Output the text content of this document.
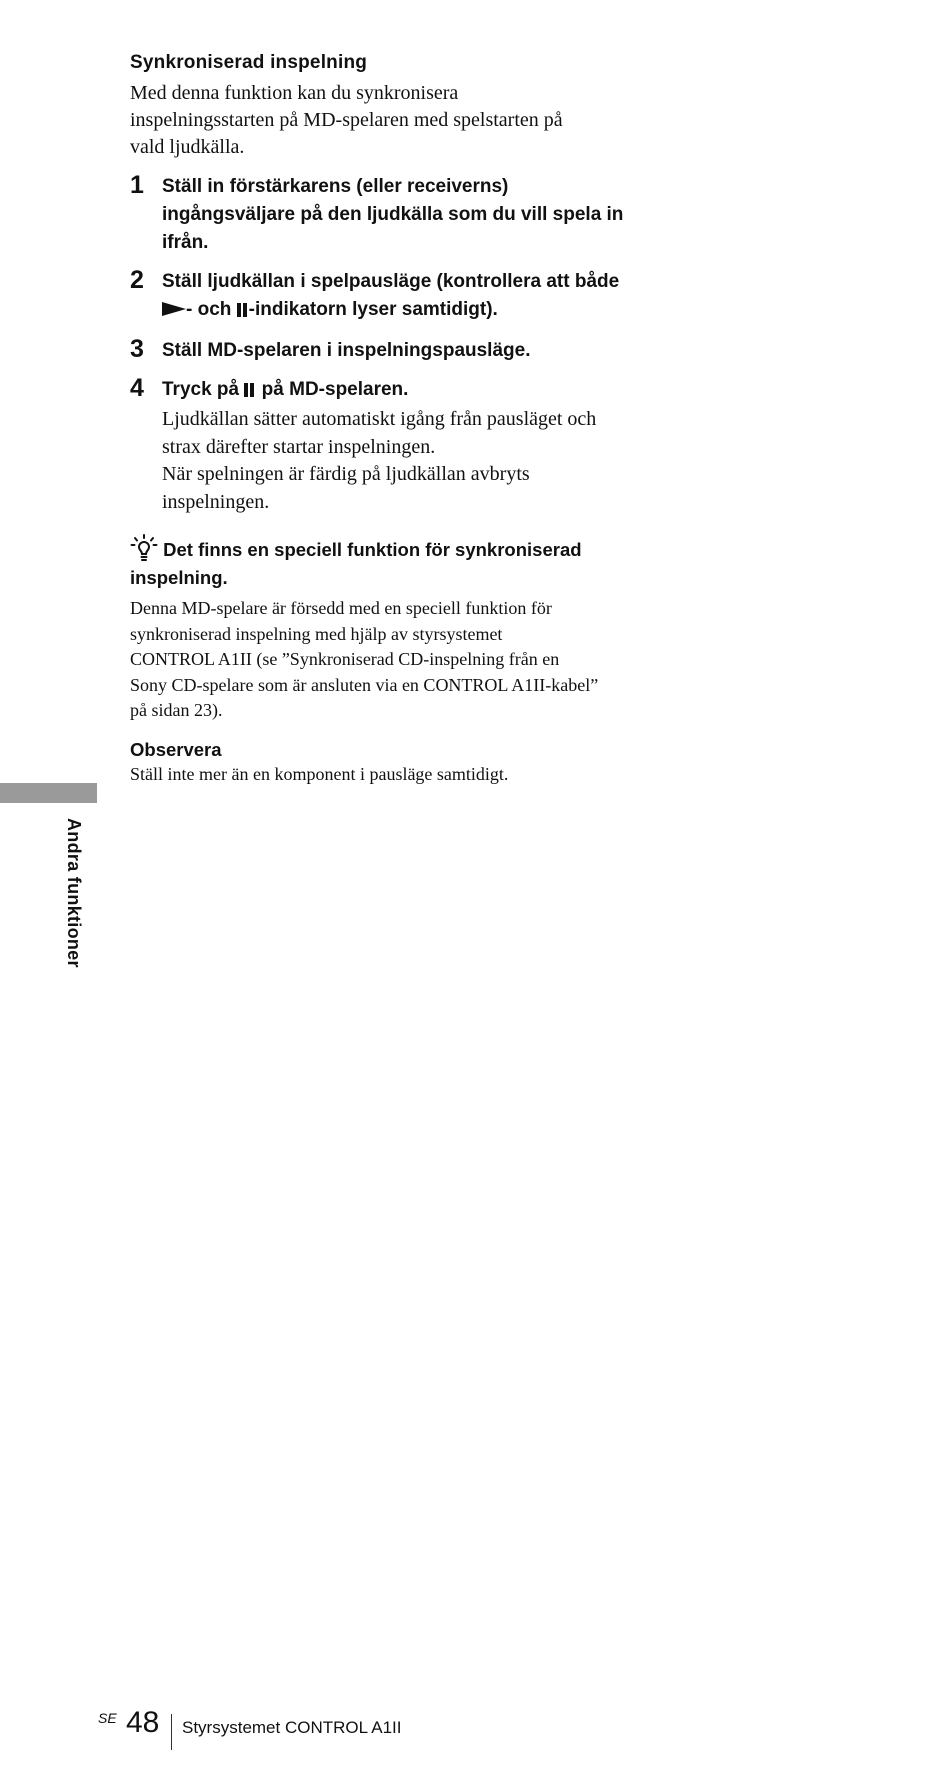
Synkroniserad inspelning
Med denna funktion kan du synkronisera
inspelningsstarten på MD-spelaren med spelstarten på
vald ljudkälla.
1 Ställ in förstärkarens (eller receiverns)
ingångsväljare på den ljudkälla som du vill spela in
ifrån.
2 Ställ ljudkällan i spelpausläge (kontrollera att både
- och -indikatorn lyser samtidigt).
3 Ställ MD-spelaren i inspelningspausläge.
4 Tryck på  på MD-spelaren.
Ljudkällan sätter automatiskt igång från pausläget och
strax därefter startar inspelningen.
När spelningen är färdig på ljudkällan avbryts
inspelningen.
Det finns en speciell funktion för synkroniserad
inspelning.
Denna MD-spelare är försedd med en speciell funktion för
synkroniserad inspelning med hjälp av styrsystemet
CONTROL A1II (se ”Synkroniserad CD-inspelning från en
Sony CD-spelare som är ansluten via en CONTROL A1II-kabel”
på sidan 23).
Observera
Ställ inte mer än en komponent i pausläge samtidigt.
Andra funktioner
SE 48 Styrsystemet CONTROL A1II
